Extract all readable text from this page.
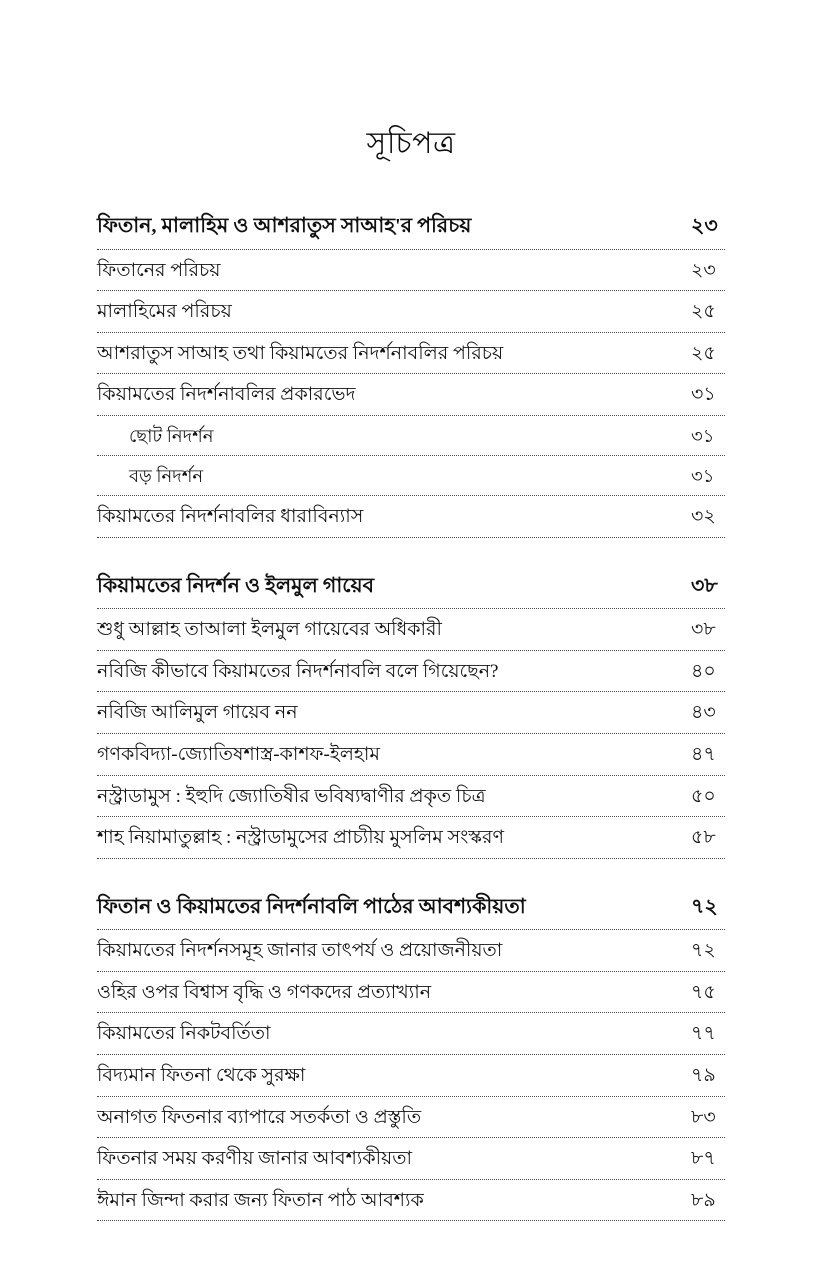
সূচিপত্র
ফিতান, মালাহিম ও আশরাতুস সাআহ'র পরিচয়	২৩
ফিতানের পরিচয়	২৩
মালাহিমের পরিচয়	২৫
আশরাতুস সাআহ তথা কিয়ামতের নিদর্শনাবলির পরিচয়	২৫
কিয়ামতের নিদর্শনাবলির প্রকারভেদ	৩১
ছোট নিদর্শন	৩১
বড় নিদর্শন	৩১
কিয়ামতের নিদর্শনাবলির ধারাবিন্যাস	৩২
কিয়ামতের নিদর্শন ও ইলমুল গায়েব	৩৮
শুধু আল্লাহ তাআলা ইলমুল গায়েবের অধিকারী	৩৮
নবিজি কীভাবে কিয়ামতের নিদর্শনাবলি বলে গিয়েছেন?	৪০
নবিজি আলিমুল গায়েব নন	৪৩
গণকবিদ্যা-জ্যোতিষশাস্ত্র-কাশফ-ইলহাম	৪৭
নস্ট্রাডামুস : ইহুদি জ্যোতিষীর ভবিষ্যদ্বাণীর প্রকৃত চিত্র	৫০
শাহ নিয়ামাতুল্লাহ : নস্ট্রাডামুসের প্রাচ্যীয় মুসলিম সংস্করণ	৫৮
ফিতান ও কিয়ামতের নিদর্শনাবলি পাঠের আবশ্যকীয়তা	৭২
কিয়ামতের নিদর্শনসমূহ জানার তাৎপর্য ও প্রয়োজনীয়তা	৭২
ওহির ওপর বিশ্বাস বৃদ্ধি ও গণকদের প্রত্যাখ্যান	৭৫
কিয়ামতের নিকটবর্তিতা	৭৭
বিদ্যমান ফিতনা থেকে সুরক্ষা	৭৯
অনাগত ফিতনার ব্যাপারে সতর্কতা ও প্রস্তুতি	৮৩
ফিতনার সময় করণীয় জানার আবশ্যকীয়তা	৮৭
ঈমান জিন্দা করার জন্য ফিতান পাঠ আবশ্যক	৮৯
